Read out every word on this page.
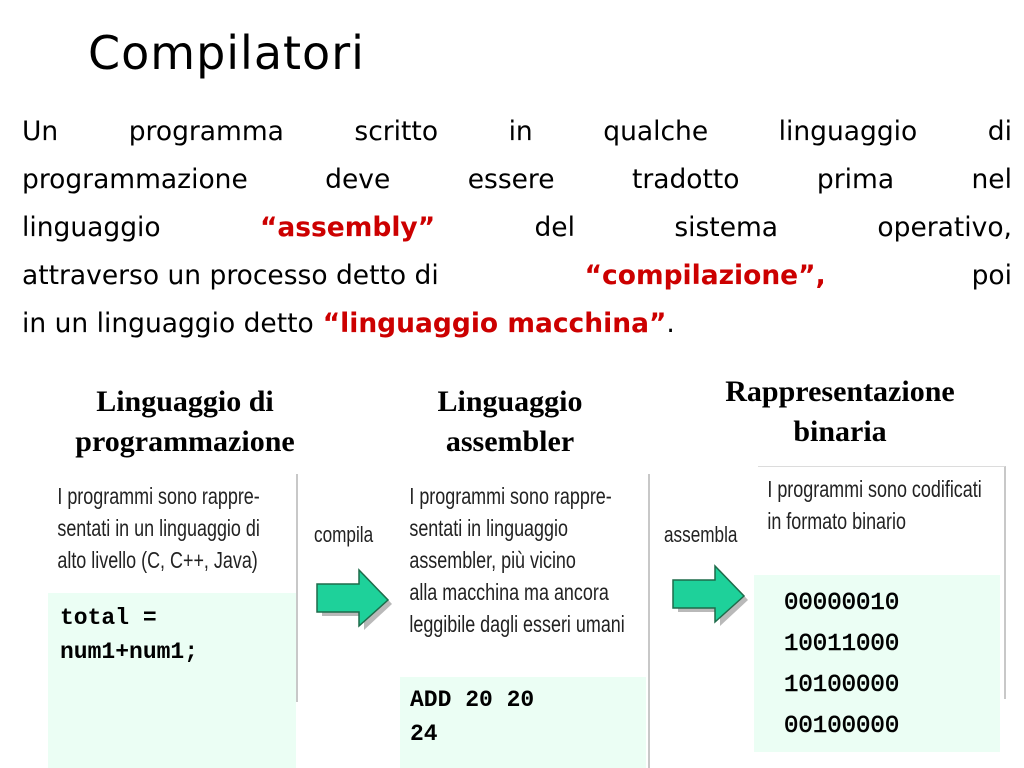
Compilatori
Un	programma	scritto	in	qualche	linguaggio	di
programmazione	deve	essere	tradotto	prima	nel
linguaggio	“assembly”	del	sistema	operativo,
attraverso un processo detto di	“compilazione”,	poi
in un linguaggio detto “linguaggio macchina”.
Linguaggio di
programmazione
I programmi sono rappre-
sentati in un linguaggio di
alto livello (C, C++, Java)
total =
num1+num1;
compila
Linguaggio
assembler
I programmi sono rappre-
sentati in linguaggio
assembler, più vicino
alla macchina ma ancora
leggibile dagli esseri umani
ADD 20 20
24
assembla
Rappresentazione
binaria
I programmi sono codificati
in formato binario
00000010
10011000
10100000
00100000
